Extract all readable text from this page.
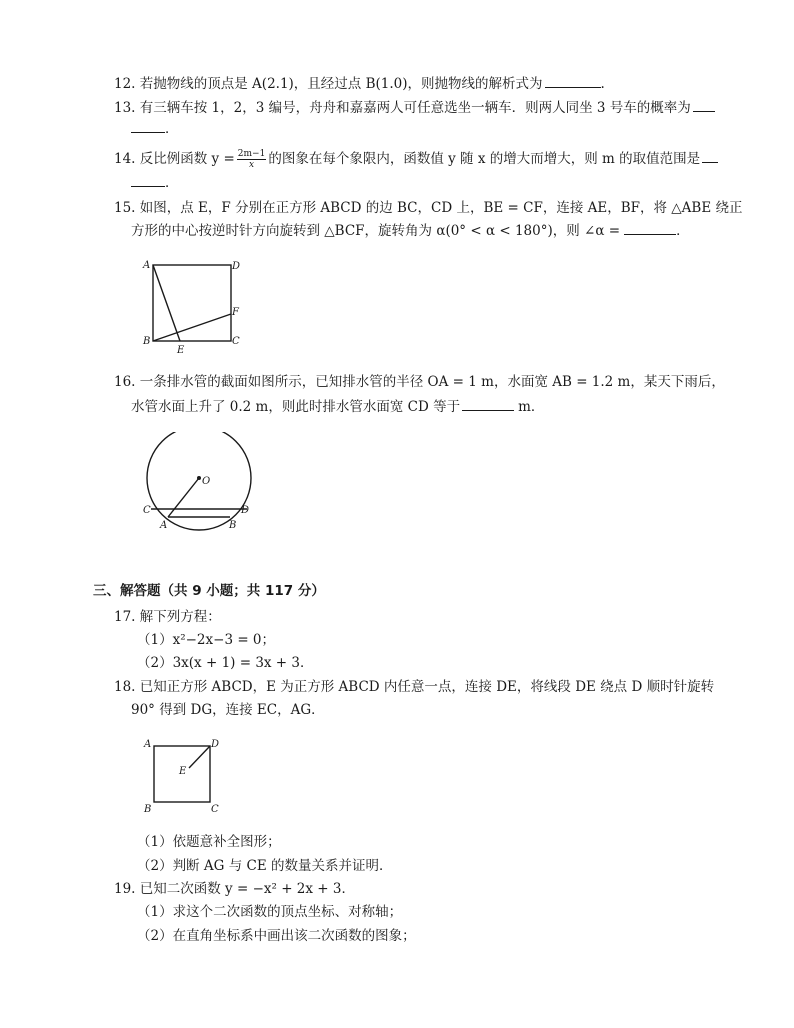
12. 若抛物线的顶点是 A(2.1)，且经过点 B(1.0)，则抛物线的解析式为	.
13. 有三辆车按 1，2，3 编号，舟舟和嘉嘉两人可任意选坐一辆车．则两人同坐 3 号车的概率为
．
14. 反比例函数 $y = \frac{2m-1}{x}$ 的图象在每个象限内，函数值 y 随 x 的增大而增大，则 m 的取值范围是
．
15. 如图，点 E，F 分别在正方形 ABCD 的边 BC，CD 上，BE = CF，连接 AE，BF，将 △ABE 绕正
方形的中心按逆时针方向旋转到 △BCF，旋转角为 α(0° < α < 180°)，则 ∠α =	．
A	D
F
B
E
C
16. 一条排水管的截面如图所示，已知排水管的半径 OA = 1 m，水面宽 AB = 1.2 m，某天下雨后，
水管水面上升了 0.2 m，则此时排水管水面宽 CD 等于	m．
O
C	D
A	B
三、解答题（共 9 小题；共 117 分）
17. 解下列方程：
（1）x²−2x−3 = 0；
（2）3x(x + 1) = 3x + 3．
18. 已知正方形 ABCD，E 为正方形 ABCD 内任意一点，连接 DE，将线段 DE 绕点 D 顺时针旋转
90° 得到 DG，连接 EC，AG．
A	D
E
B	C
（1）依题意补全图形；
（2）判断 AG 与 CE 的数量关系并证明．
19. 已知二次函数 y = −x² + 2x + 3．
（1）求这个二次函数的顶点坐标、对称轴；
（2）在直角坐标系中画出该二次函数的图象；
